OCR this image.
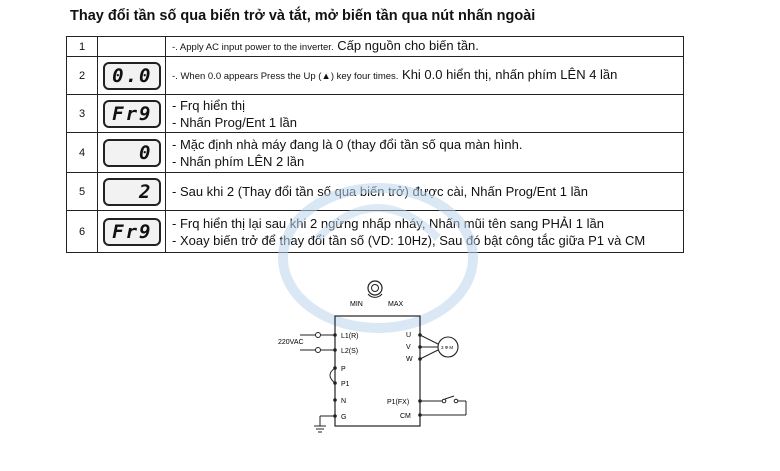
Thay đổi tần số qua biến trở và tắt, mở biến tần qua nút nhấn ngoài
1		-. Apply AC input power to the inverter. Cấp nguồn cho biến tần.
2	0.0	-. When 0.0 appears Press the Up (▲) key four times. Khi 0.0 hiển thị, nhấn phím LÊN 4 lần
3	Fr9	- Frq hiển thị
- Nhấn Prog/Ent 1 lần

4	0	- Mặc định nhà máy đang là 0 (thay đổi tần số qua màn hình.
- Nhấn phím LÊN 2 lần

5	2	- Sau khi 2 (Thay đổi tần số qua biến trở) được cài, Nhấn Prog/Ent 1 lần

6	Fr9	- Frq hiển thị lại sau khi 2 ngừng nhấp nháy, Nhấn mũi tên sang PHẢI 1 lần
- Xoay biến trở để thay đổi tần số (VD: 10Hz), Sau đó bật công tắc giữa P1 và CM
MIN	MAX
220VAC
L1(R)
L2(S)
P
P1
N
G
U
V
W
P1(FX)
CM
3 Ф M
